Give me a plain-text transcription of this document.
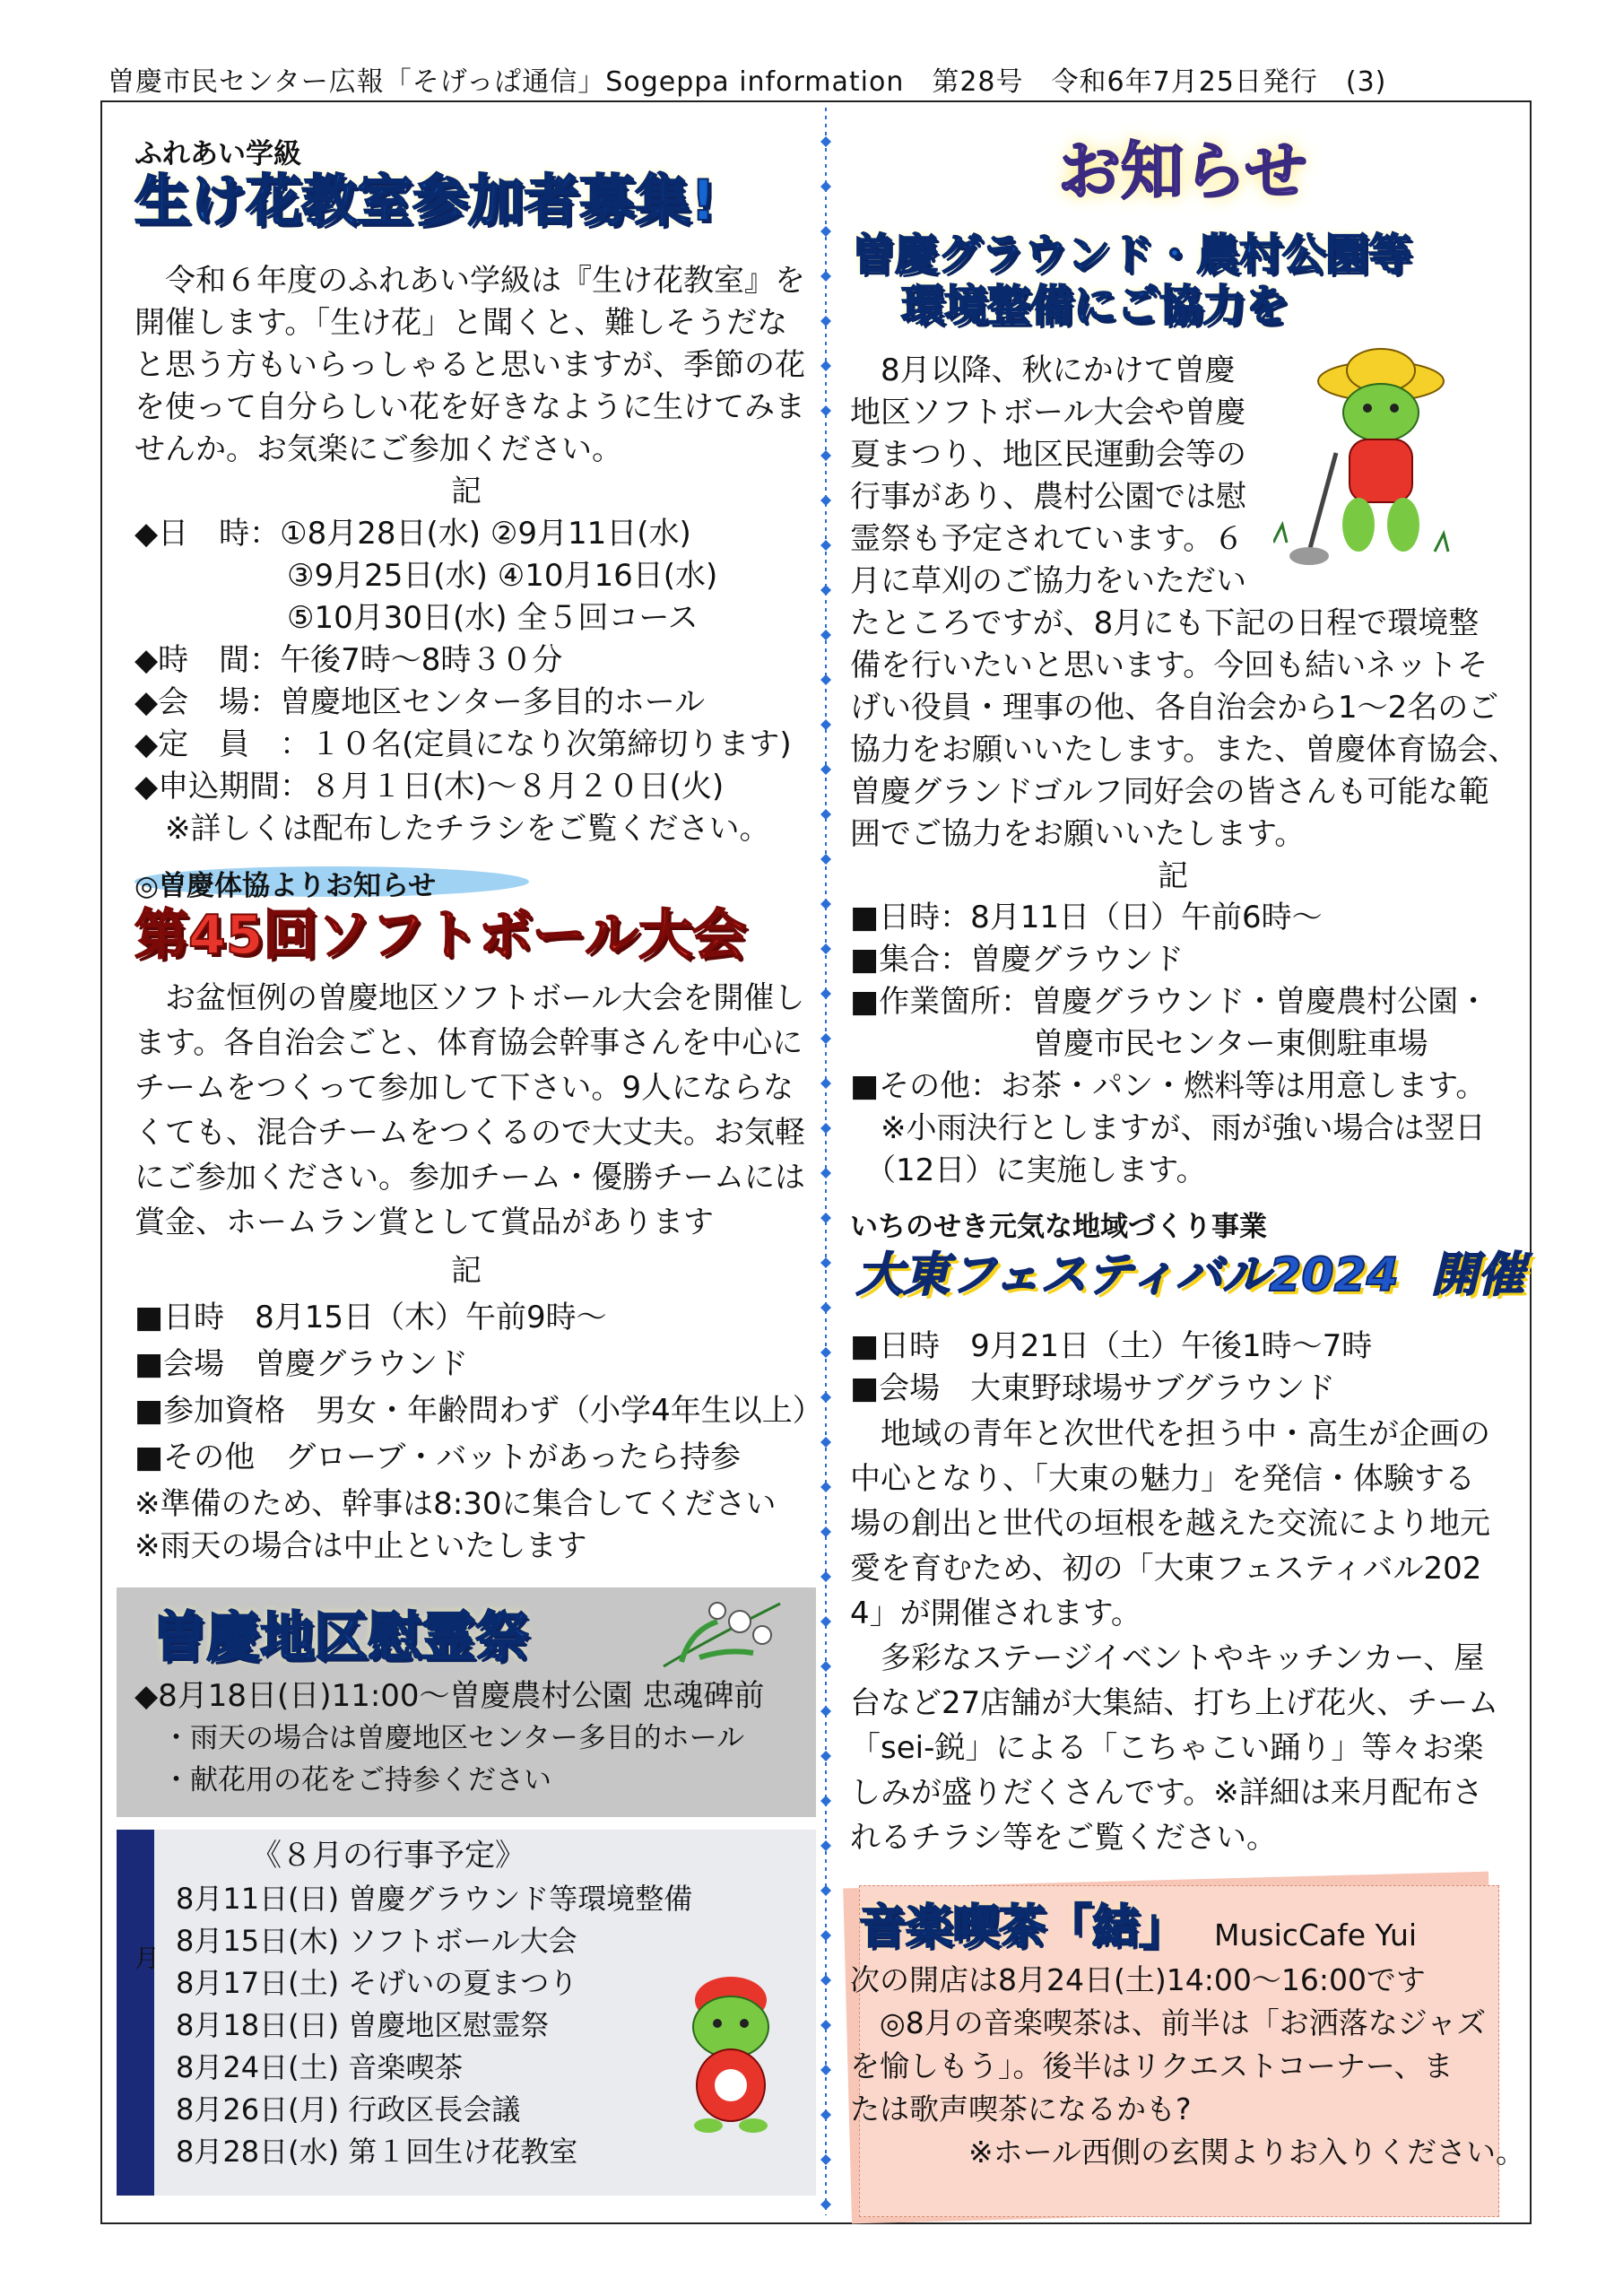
曽慶市民センター広報「そげっぱ通信」Sogeppa information　第28号　令和6年7月25日発行　(3)
ふれあい学級
生け花教室参加者募集!
　令和６年度のふれあい学級は『生け花教室』を
開催します。「生け花」と聞くと、難しそうだな
と思う方もいらっしゃると思いますが、季節の花
を使って自分らしい花を好きなように生けてみま
せんか。お気楽にご参加ください。
記
◆日　時：①8月28日(水) ②9月11日(水)
　　　　　③9月25日(水) ④10月16日(水)
　　　　　⑤10月30日(水) 全５回コース
◆時　間：午後7時～8時３０分
◆会　場：曽慶地区センター多目的ホール
◆定　員　：１０名(定員になり次第締切ります)
◆申込期間：８月１日(木)～８月２０日(火)
　※詳しくは配布したチラシをご覧ください。
◎曽慶体協よりお知らせ
第45回ソフトボール大会
　お盆恒例の曽慶地区ソフトボール大会を開催し
ます。各自治会ごと、体育協会幹事さんを中心に
チームをつくって参加して下さい。9人にならな
くても、混合チームをつくるので大丈夫。お気軽
にご参加ください。参加チーム・優勝チームには
賞金、ホームラン賞として賞品があります
記
■日時　8月15日（木）午前9時～
■会場　曽慶グラウンド
■参加資格　男女・年齢問わず（小学4年生以上）
■その他　グローブ・バットがあったら持参
※準備のため、幹事は8:30に集合してください
※雨天の場合は中止といたします
曽慶地区慰霊祭
◆8月18日(日)11:00～曽慶農村公園 忠魂碑前
　・雨天の場合は曽慶地区センター多目的ホール
　・献花用の花をご持参ください
月
《８月の行事予定》
8月11日(日) 曽慶グラウンド等環境整備
8月15日(木) ソフトボール大会
8月17日(土) そげいの夏まつり
8月18日(日) 曽慶地区慰霊祭
8月24日(土) 音楽喫茶
8月26日(月) 行政区長会議
8月28日(水) 第１回生け花教室
お知らせ
曽慶グラウンド・農村公園等
環境整備にご協力を
　8月以降、秋にかけて曽慶
地区ソフトボール大会や曽慶
夏まつり、地区民運動会等の
行事があり、農村公園では慰
霊祭も予定されています。６
月に草刈のご協力をいただい
たところですが、8月にも下記の日程で環境整
備を行いたいと思います。今回も結いネットそ
げい役員・理事の他、各自治会から1～2名のご
協力をお願いいたします。また、曽慶体育協会、
曽慶グランドゴルフ同好会の皆さんも可能な範
囲でご協力をお願いいたします。
記
■日時：8月11日（日）午前6時～
■集合：曽慶グラウンド
■作業箇所：曽慶グラウンド・曽慶農村公園・
　　　　　　曽慶市民センター東側駐車場
■その他：お茶・パン・燃料等は用意します。
　※小雨決行としますが、雨が強い場合は翌日
　（12日）に実施します。
いちのせき元気な地域づくり事業
大東フェスティバル2024 開催
■日時　9月21日（土）午後1時～7時
■会場　大東野球場サブグラウンド
　地域の青年と次世代を担う中・高生が企画の
中心となり、「大東の魅力」を発信・体験する
場の創出と世代の垣根を越えた交流により地元
愛を育むため、初の「大東フェスティバル202
4」が開催されます。
　多彩なステージイベントやキッチンカー、屋
台など27店舗が大集結、打ち上げ花火、チーム
「sei-鋭」による「こちゃこい踊り」等々お楽
しみが盛りだくさんです。※詳細は来月配布さ
れるチラシ等をご覧ください。
音楽喫茶「結」 MusicCafe Yui
次の開店は8月24日(土)14:00～16:00です
　◎8月の音楽喫茶は、前半は「お洒落なジャズ
を愉しもう」。後半はリクエストコーナー、ま
たは歌声喫茶になるかも?
　　　　※ホール西側の玄関よりお入りください。
